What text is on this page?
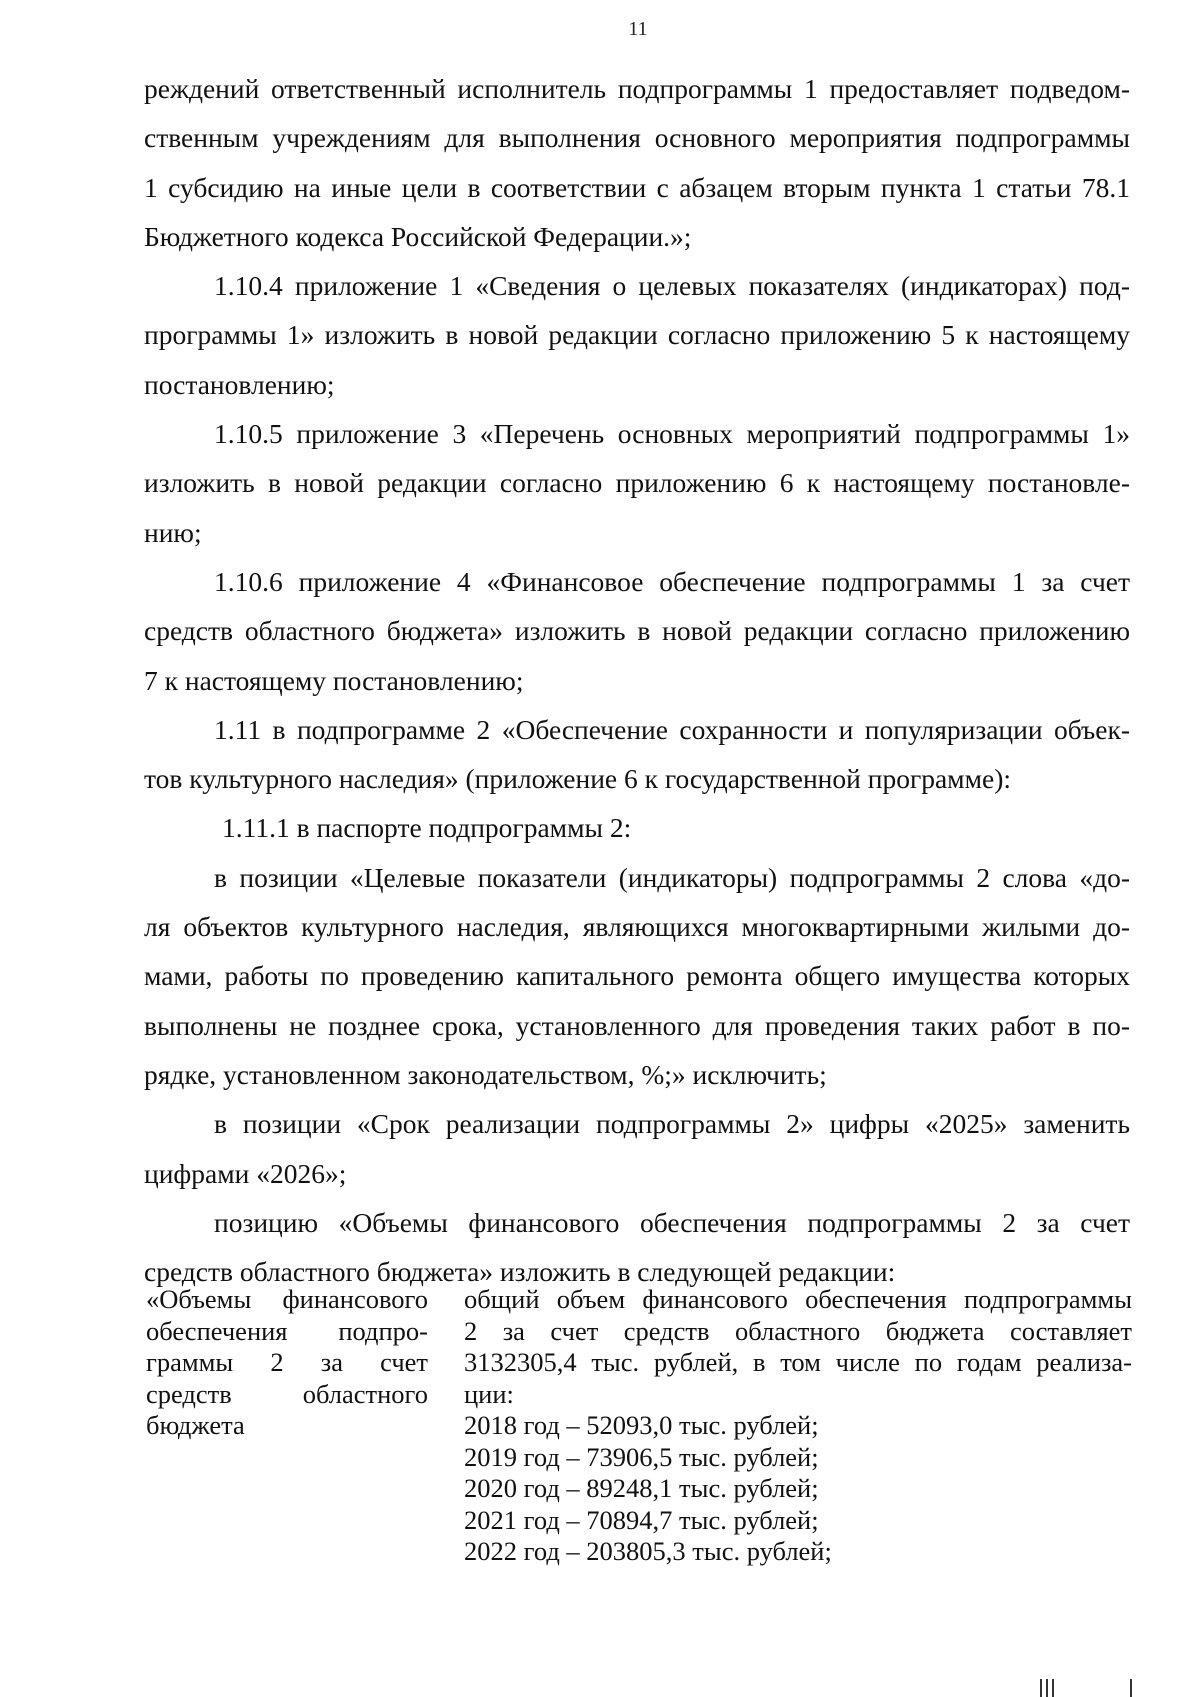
11
реждений ответственный исполнитель подпрограммы 1 предоставляет подведом-
ственным учреждениям для выполнения основного мероприятия подпрограммы
1 субсидию на иные цели в соответствии с абзацем вторым пункта 1 статьи 78.1
Бюджетного кодекса Российской Федерации.»;
1.10.4 приложение 1 «Сведения о целевых показателях (индикаторах) под-
программы 1» изложить в новой редакции согласно приложению 5 к настоящему
постановлению;
1.10.5 приложение 3 «Перечень основных мероприятий подпрограммы 1»
изложить в новой редакции согласно приложению 6 к настоящему постановле-
нию;
1.10.6 приложение 4 «Финансовое обеспечение подпрограммы 1 за счет
средств областного бюджета» изложить в новой редакции согласно приложению
7 к настоящему постановлению;
1.11 в подпрограмме 2 «Обеспечение сохранности и популяризации объек-
тов культурного наследия» (приложение 6 к государственной программе):
1.11.1 в паспорте подпрограммы 2:
в позиции «Целевые показатели (индикаторы) подпрограммы 2 слова «до-
ля объектов культурного наследия, являющихся многоквартирными жилыми до-
мами, работы по проведению капитального ремонта общего имущества которых
выполнены не позднее срока, установленного для проведения таких работ в по-
рядке, установленном законодательством, %;» исключить;
в позиции «Срок реализации подпрограммы 2» цифры «2025» заменить
цифрами «2026»;
позицию «Объемы финансового обеспечения подпрограммы 2 за счет
средств областного бюджета» изложить в следующей редакции:
«Объемы финансового
обеспечения подпро-
граммы 2 за счет
средств областного
бюджета
общий объем финансового обеспечения подпрограммы
2 за счет средств областного бюджета составляет
3132305,4 тыс. рублей, в том числе по годам реализа-
ции:
2018 год – 52093,0 тыс. рублей;
2019 год – 73906,5 тыс. рублей;
2020 год – 89248,1 тыс. рублей;
2021 год – 70894,7 тыс. рублей;
2022 год – 203805,3 тыс. рублей;
